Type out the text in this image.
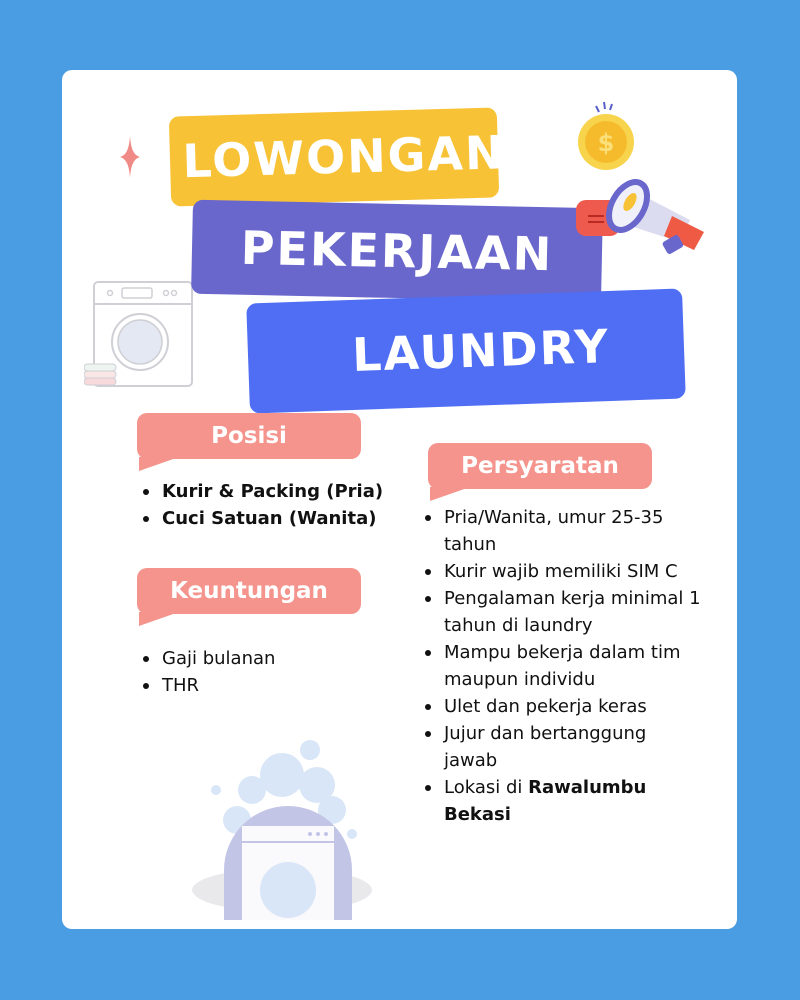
LOWONGAN
PEKERJAAN
LAUNDRY
$
Posisi
Kurir & Packing (Pria)
Cuci Satuan (Wanita)
Keuntungan
Gaji bulanan
THR
Persyaratan
Pria/Wanita, umur 25-35 tahun
Kurir wajib memiliki SIM C
Pengalaman kerja minimal 1 tahun di laundry
Mampu bekerja dalam tim maupun individu
Ulet dan pekerja keras
Jujur dan bertanggung jawab
Lokasi di Rawalumbu Bekasi
